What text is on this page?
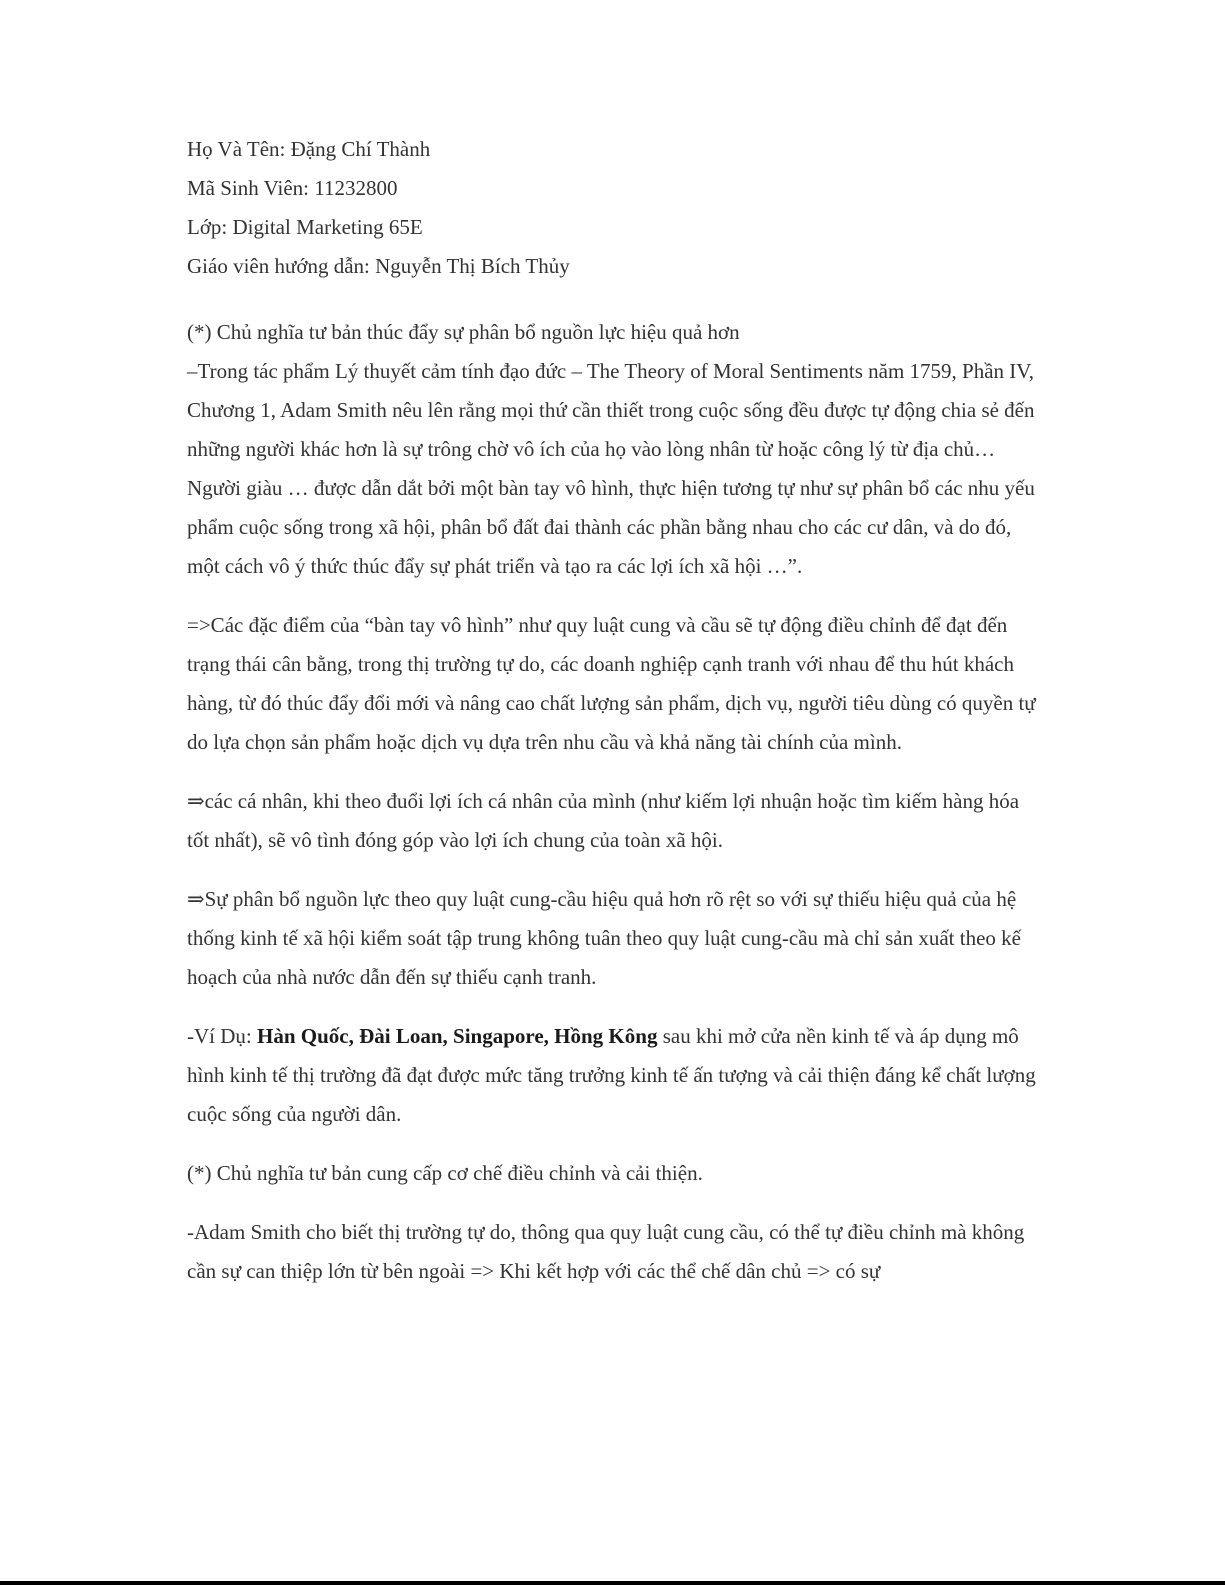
Họ Và Tên: Đặng Chí Thành
Mã Sinh Viên: 11232800
Lớp: Digital Marketing 65E
Giáo viên hướng dẫn: Nguyễn Thị Bích Thủy
(*) Chủ nghĩa tư bản thúc đẩy sự phân bổ nguồn lực hiệu quả hơn
–Trong tác phẩm Lý thuyết cảm tính đạo đức – The Theory of Moral Sentiments năm 1759, Phần IV, Chương 1, Adam Smith nêu lên rằng mọi thứ cần thiết trong cuộc sống đều được tự động chia sẻ đến những người khác hơn là sự trông chờ vô ích của họ vào lòng nhân từ hoặc công lý từ địa chủ… Người giàu … được dẫn dắt bởi một bàn tay vô hình, thực hiện tương tự như sự phân bổ các nhu yếu phẩm cuộc sống trong xã hội, phân bổ đất đai thành các phần bằng nhau cho các cư dân, và do đó, một cách vô ý thức thúc đẩy sự phát triển và tạo ra các lợi ích xã hội …”.
=>Các đặc điểm của “bàn tay vô hình” như quy luật cung và cầu sẽ tự động điều chỉnh để đạt đến trạng thái cân bằng, trong thị trường tự do, các doanh nghiệp cạnh tranh với nhau để thu hút khách hàng, từ đó thúc đẩy đổi mới và nâng cao chất lượng sản phẩm, dịch vụ, người tiêu dùng có quyền tự do lựa chọn sản phẩm hoặc dịch vụ dựa trên nhu cầu và khả năng tài chính của mình.
⇒các cá nhân, khi theo đuổi lợi ích cá nhân của mình (như kiếm lợi nhuận hoặc tìm kiếm hàng hóa tốt nhất), sẽ vô tình đóng góp vào lợi ích chung của toàn xã hội.
⇒Sự phân bổ nguồn lực theo quy luật cung-cầu hiệu quả hơn rõ rệt so với sự thiếu hiệu quả của hệ thống kinh tế xã hội kiểm soát tập trung không tuân theo quy luật cung-cầu mà chỉ sản xuất theo kế hoạch của nhà nước dẫn đến sự thiếu cạnh tranh.
-Ví Dụ: Hàn Quốc, Đài Loan, Singapore, Hồng Kông sau khi mở cửa nền kinh tế và áp dụng mô hình kinh tế thị trường đã đạt được mức tăng trưởng kinh tế ấn tượng và cải thiện đáng kể chất lượng cuộc sống của người dân.
(*) Chủ nghĩa tư bản cung cấp cơ chế điều chỉnh và cải thiện.
-Adam Smith cho biết thị trường tự do, thông qua quy luật cung cầu, có thể tự điều chỉnh mà không cần sự can thiệp lớn từ bên ngoài => Khi kết hợp với các thể chế dân chủ => có sự
